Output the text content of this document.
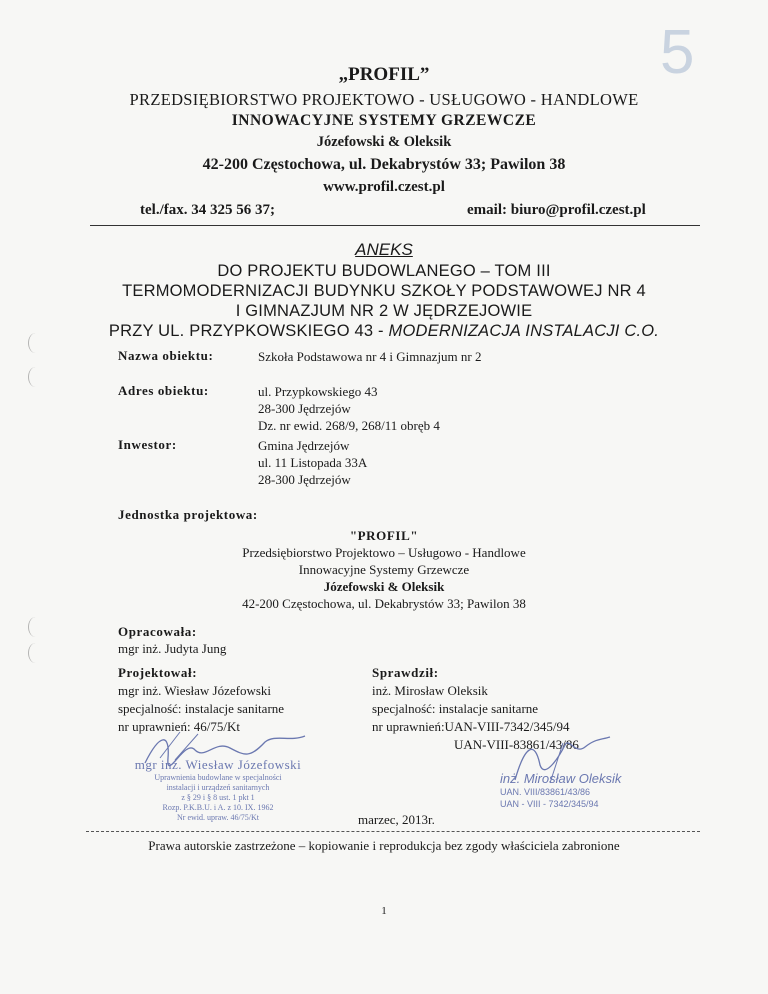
5
„PROFIL”
PRZEDSIĘBIORSTWO PROJEKTOWO - USŁUGOWO - HANDLOWE
INNOWACYJNE SYSTEMY GRZEWCZE
Józefowski & Oleksik
42-200 Częstochowa, ul. Dekabrystów 33; Pawilon 38
www.profil.czest.pl
tel./fax. 34 325 56 37;	email: biuro@profil.czest.pl
ANEKS
DO PROJEKTU BUDOWLANEGO – TOM III
TERMOMODERNIZACJI BUDYNKU SZKOŁY PODSTAWOWEJ NR 4
I GIMNAZJUM NR 2 W JĘDRZEJOWIE
PRZY UL. PRZYPKOWSKIEGO 43 - MODERNIZACJA INSTALACJI C.O.
Nazwa obiektu:	Szkoła Podstawowa nr 4 i Gimnazjum nr 2
Adres obiektu:	ul. Przypkowskiego 43
28-300 Jędrzejów
Dz. nr ewid. 268/9, 268/11 obręb 4
Inwestor:	Gmina Jędrzejów
ul. 11 Listopada 33A
28-300 Jędrzejów
Jednostka projektowa:
"PROFIL"
Przedsiębiorstwo Projektowo – Usługowo - Handlowe
Innowacyjne Systemy Grzewcze
Józefowski & Oleksik
42-200 Częstochowa, ul. Dekabrystów 33; Pawilon 38
Opracowała:
mgr inż. Judyta Jung
Projektował:
mgr inż. Wiesław Józefowski
specjalność: instalacje sanitarne
nr uprawnień: 46/75/Kt
Sprawdził:
inż. Mirosław Oleksik
specjalność: instalacje sanitarne
nr uprawnień:UAN-VIII-7342/345/94
UAN-VIII-83861/43/86
mgr inż. Wiesław Józefowski
Uprawnienia budowlane w specjalności
instalacji i urządzeń sanitarnych
z § 29 i § 8 ust. 1 pkt 1
Rozp. P.K.B.U. i A. z 10. IX. 1962
Nr ewid. upraw. 46/75/Kt
inż. Mirosław Oleksik
UAN. VIII/83861/43/86
UAN - VIII - 7342/345/94
marzec, 2013r.
Prawa autorskie zastrzeżone – kopiowanie i reprodukcja bez zgody właściciela zabronione
1
